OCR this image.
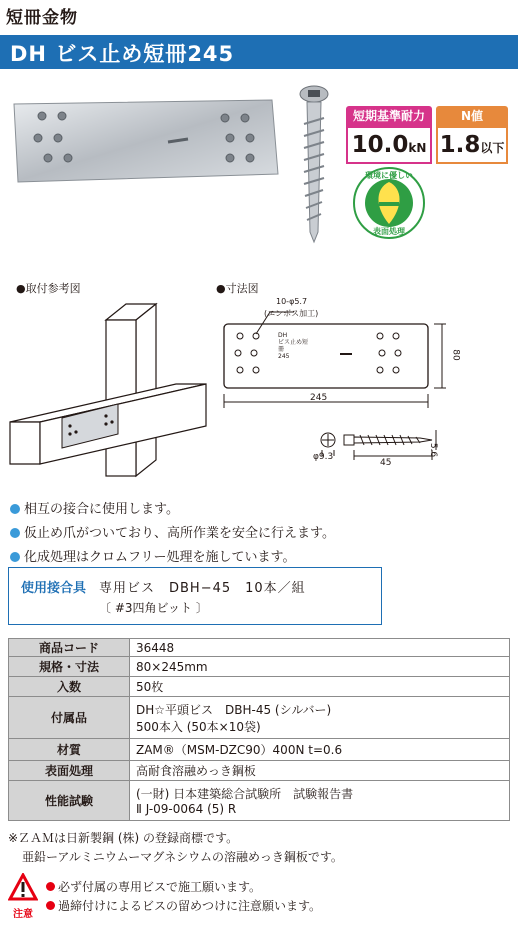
短冊金物
DH ビス止め短冊245
短期基準耐力
10.0kN
N値
1.8以下
環境に優しい
表面処理
●取付参考図	●寸法図
DH
ビス止め短冊
245
10-φ5.7
(エンボス加工)
245
80
φ9.3
45
5.6
相互の接合に使用します。
仮止め爪がついており、高所作業を安全に行えます。
化成処理はクロムフリー処理を施しています。
使用接合具 専用ビス　DBH−45　10本／組
〔 #3四角ビット 〕
商品コード	36448
規格・寸法	80×245mm
入数	50枚
付属品	DH☆平頭ビス　DBH-45 (シルバー)
500本入 (50本×10袋)

材質	ZAM®（MSM-DZC90）400N t=0.6
表面処理	高耐食溶融めっき鋼板
性能試験	(一財) 日本建築総合試験所　試験報告書
Ⅱ J-09-0064 (5) R
※ＺＡＭは日新製鋼 (株) の登録商標です。
亜鉛ーアルミニウムーマグネシウムの溶融めっき鋼板です。
注意
必ず付属の専用ビスで施工願います。
過締付けによるビスの留めつけに注意願います。
